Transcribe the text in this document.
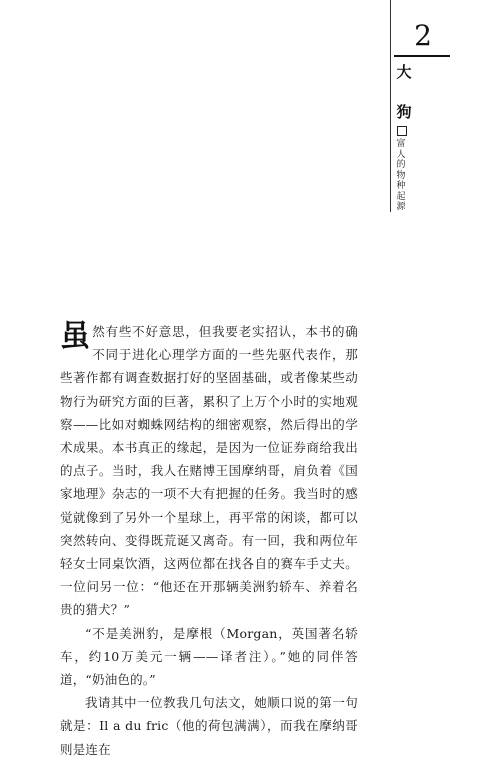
2
大
狗
富
人
的
物
种
起
源

虽然有些不好意思，但我要老实招认，本书的确不同于进化心理学方面的一些先驱代表作，那些著作都有调查数据打好的坚固基础，或者像某些动物行为研究方面的巨著，累积了上万个小时的实地观察——比如对蜘蛛网结构的细密观察，然后得出的学术成果。本书真正的缘起，是因为一位证券商给我出的点子。当时，我人在赌博王国摩纳哥，肩负着《国家地理》杂志的一项不大有把握的任务。我当时的感觉就像到了另外一个星球上，再平常的闲谈，都可以突然转向、变得既荒诞又离奇。有一回，我和两位年轻女士同桌饮酒，这两位都在找各自的赛车手丈夫。一位问另一位：“他还在开那辆美洲豹轿车、养着名贵的猎犬？”

“不是美洲豹，是摩根（Morgan，英国著名轿车，约10万美元一辆——译者注）。”她的同伴答道，“奶油色的。”

我请其中一位教我几句法文，她顺口说的第一句就是：Il a du fric（他的荷包满满），而我在摩纳哥则是连在
